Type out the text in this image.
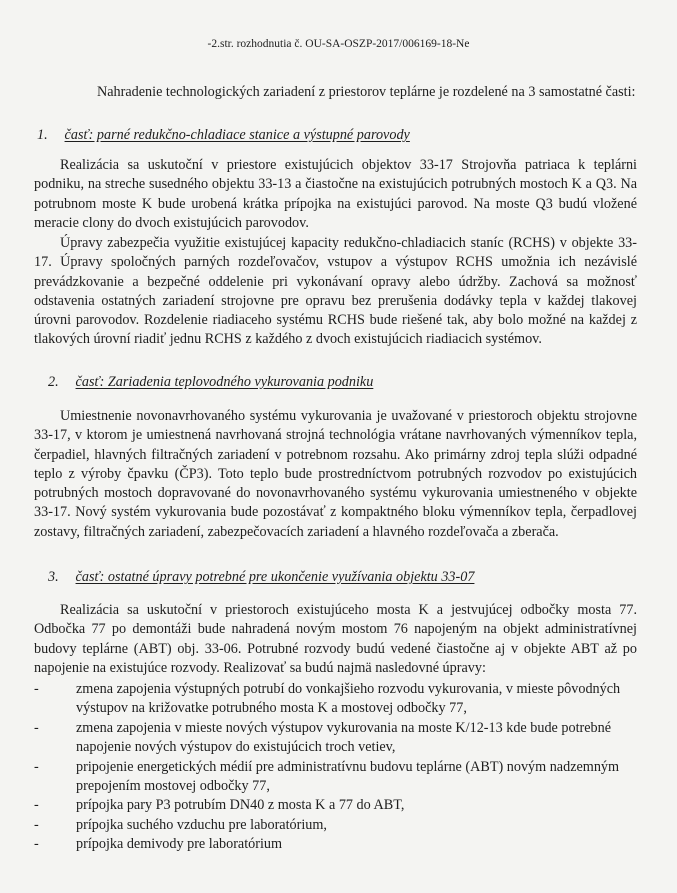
-2.str. rozhodnutia č. OU-SA-OSZP-2017/006169-18-Ne
Nahradenie technologických zariadení z priestorov teplárne je rozdelené na 3 samostatné časti:
1. časť: parné redukčno-chladiace stanice a výstupné parovody

Realizácia sa uskutoční v priestore existujúcich objektov 33-17 Strojovňa patriaca k teplárni podniku, na streche susedného objektu 33-13 a čiastočne na existujúcich potrubných mostoch K a Q3. Na potrubnom moste K bude urobená krátka prípojka na existujúci parovod. Na moste Q3 budú vložené meracie clony do dvoch existujúcich parovodov.

Úpravy zabezpečia využitie existujúcej kapacity redukčno-chladiacich staníc (RCHS) v objekte 33-17. Úpravy spoločných parných rozdeľovačov, vstupov a výstupov RCHS umožnia ich nezávislé prevádzkovanie a bezpečné oddelenie pri vykonávaní opravy alebo údržby. Zachová sa možnosť odstavenia ostatných zariadení strojovne pre opravu bez prerušenia dodávky tepla v každej tlakovej úrovni parovodov. Rozdelenie riadiaceho systému RCHS bude riešené tak, aby bolo možné na každej z tlakových úrovní riadiť jednu RCHS z každého z dvoch existujúcich riadiacich systémov.

2. časť: Zariadenia teplovodného vykurovania podniku

Umiestnenie novonavrhovaného systému vykurovania je uvažované v priestoroch objektu strojovne 33-17, v ktorom je umiestnená navrhovaná strojná technológia vrátane navrhovaných výmenníkov tepla, čerpadiel, hlavných filtračných zariadení v potrebnom rozsahu. Ako primárny zdroj tepla slúži odpadné teplo z výroby čpavku (ČP3). Toto teplo bude prostredníctvom potrubných rozvodov po existujúcich potrubných mostoch dopravované do novonavrhovaného systému vykurovania umiestneného v objekte 33-17. Nový systém vykurovania bude pozostávať z kompaktného bloku výmenníkov tepla, čerpadlovej zostavy, filtračných zariadení, zabezpečovacích zariadení a hlavného rozdeľovača a zberača.

3. časť: ostatné úpravy potrebné pre ukončenie využívania objektu 33-07

Realizácia sa uskutoční v priestoroch existujúceho mosta K a jestvujúcej odbočky mosta 77. Odbočka 77 po demontáži bude nahradená novým mostom 76 napojeným na objekt administratívnej budovy teplárne (ABT) obj. 33-06. Potrubné rozvody budú vedené čiastočne aj v objekte ABT až po napojenie na existujúce rozvody. Realizovať sa budú najmä nasledovné úpravy:

-	zmena zapojenia výstupných potrubí do vonkajšieho rozvodu vykurovania, v mieste pôvodných výstupov na križovatke potrubného mosta K a mostovej odbočky 77,
-	zmena zapojenia v mieste nových výstupov vykurovania na moste K/12-13 kde bude potrebné napojenie nových výstupov do existujúcich troch vetiev,
-	pripojenie energetických médií pre administratívnu budovu teplárne (ABT) novým nadzemným prepojením mostovej odbočky 77,
-	prípojka pary P3 potrubím DN40 z mosta K a 77 do ABT,
-	prípojka suchého vzduchu pre laboratórium,
-	prípojka demivody pre laboratórium
